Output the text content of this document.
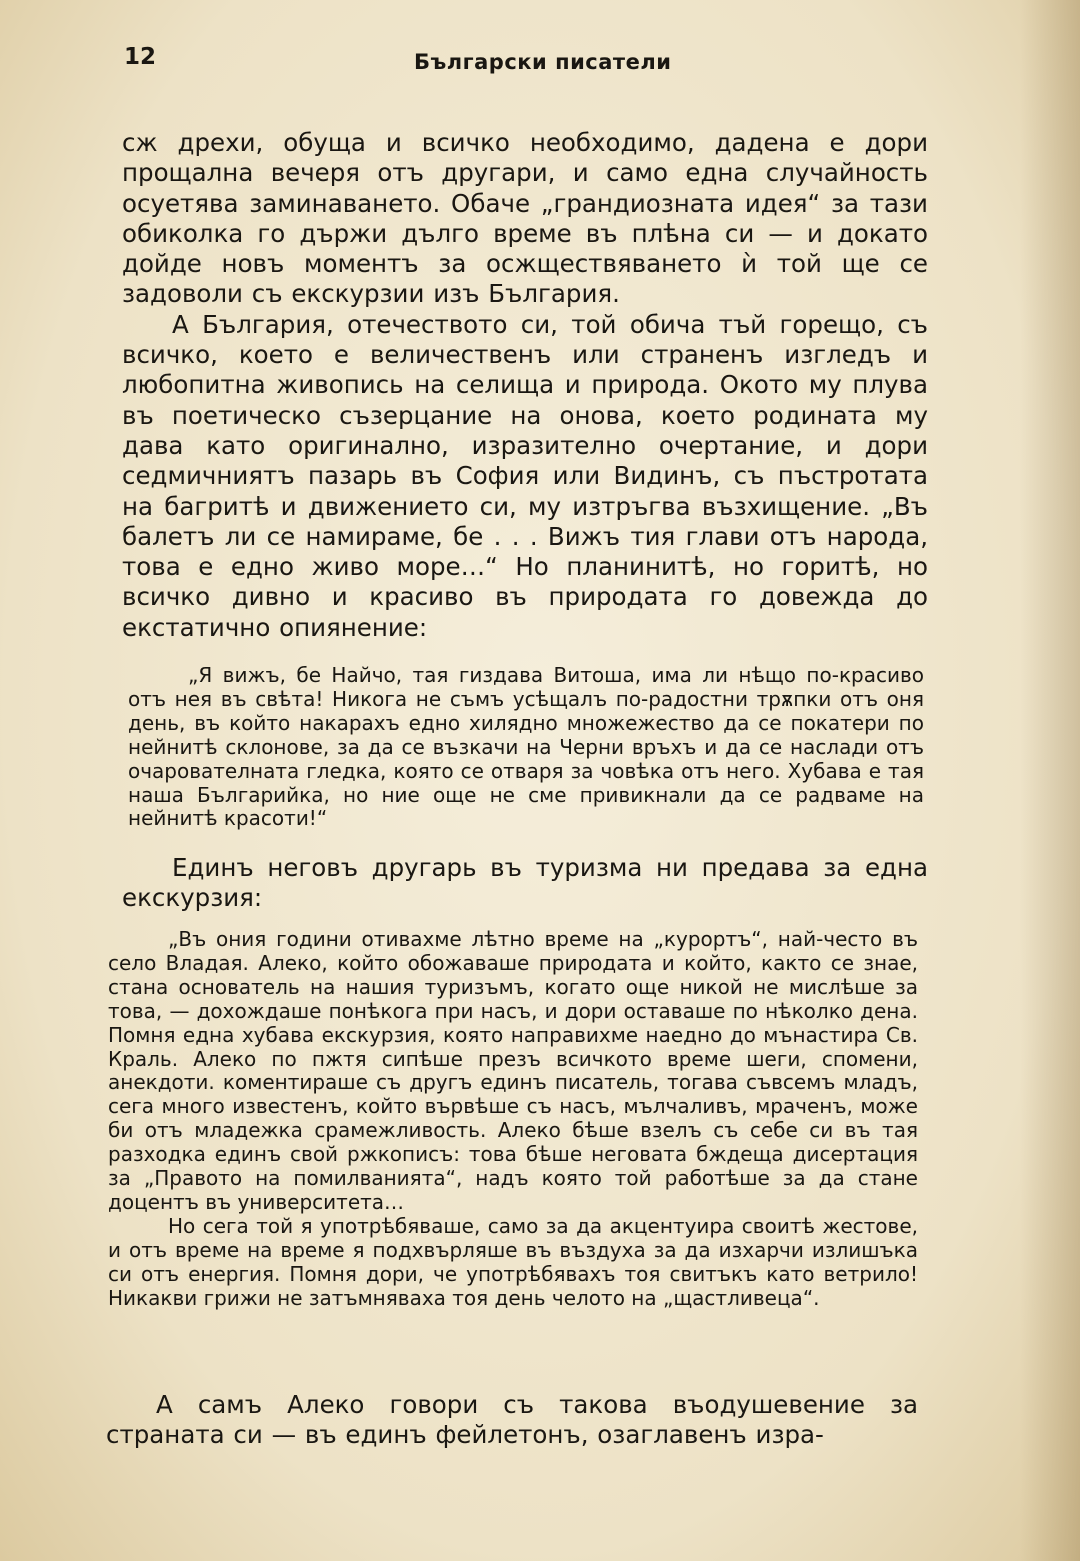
12	Български писатели

сж дрехи, обуща и всичко необходимо, дадена е дори прощална вечеря отъ другари, и само една случайность осуетява заминаването. Обаче „грандиозната идея“ за тази обиколка го държи дълго време въ плѣна си — и докато дойде новъ моментъ за осжществяването ѝ той ще се задоволи съ екскурзии изъ България.

А България, отечеството си, той обича тъй горещо, съ всичко, което е величественъ или страненъ изгледъ и любопитна живопись на селища и природа. Окото му плува въ поетическо съзерцание на онова, което родината му дава като оригинално, изразително очертание, и дори седмичниятъ пазарь въ София или Видинъ, съ пъстротата на багритѣ и движението си, му изтръгва възхищение. „Въ балетъ ли се намираме, бе . . . Вижъ тия глави отъ народа, това е едно живо море…“ Но планинитѣ, но горитѣ, но всичко дивно и красиво въ природата го довежда до екстатично опиянение:

„Я вижъ, бе Найчо, тая гиздава Витоша, има ли нѣщо по-красиво отъ нея въ свѣта! Никога не съмъ усѣщалъ по-радостни трѫпки отъ оня день, въ който накарахъ едно хилядно множежество да се покатери по нейнитѣ склонове, за да се възкачи на Черни връхъ и да се наслади отъ очарователната гледка, която се отваря за човѣка отъ него. Хубава е тая наша Българийка, но ние още не сме привикнали да се радваме на нейнитѣ красоти!“

Единъ неговъ другарь въ туризма ни предава за една екскурзия:

„Въ ония години отивахме лѣтно време на „курортъ“, най-често въ село Владая. Алеко, който обожаваше природата и който, както се знае, стана основатель на нашия туризъмъ, когато още никой не мислѣше за това, — дохождаше понѣкога при насъ, и дори оставаше по нѣколко дена. Помня една хубава екскурзия, която направихме наедно до мънастира Св. Краль. Алеко по пжтя сипѣше презъ всичкото време шеги, спомени, анекдоти. коментираше съ другъ единъ писатель, тогава съвсемъ младъ, сега много известенъ, който вървѣше съ насъ, мълчаливъ, мраченъ, може би отъ младежка срамежливость. Алеко бѣше взелъ съ себе си въ тая разходка единъ свой ржкописъ: това бѣше неговата бждеща дисертация за „Правото на помилванията“, надъ която той работѣше за да стане доцентъ въ университета…

Но сега той я употрѣбяваше, само за да акцентуира своитѣ жестове, и отъ време на време я подхвърляше въ въздуха за да изхарчи излишъка си отъ енергия. Помня дори, че употрѣбявахъ тоя свитъкъ като ветрило! Никакви грижи не затъмняваха тоя день челото на „щастливеца“.

А самъ Алеко говори съ такова въодушевение за страната си — въ единъ фейлетонъ, озаглавенъ изра-
